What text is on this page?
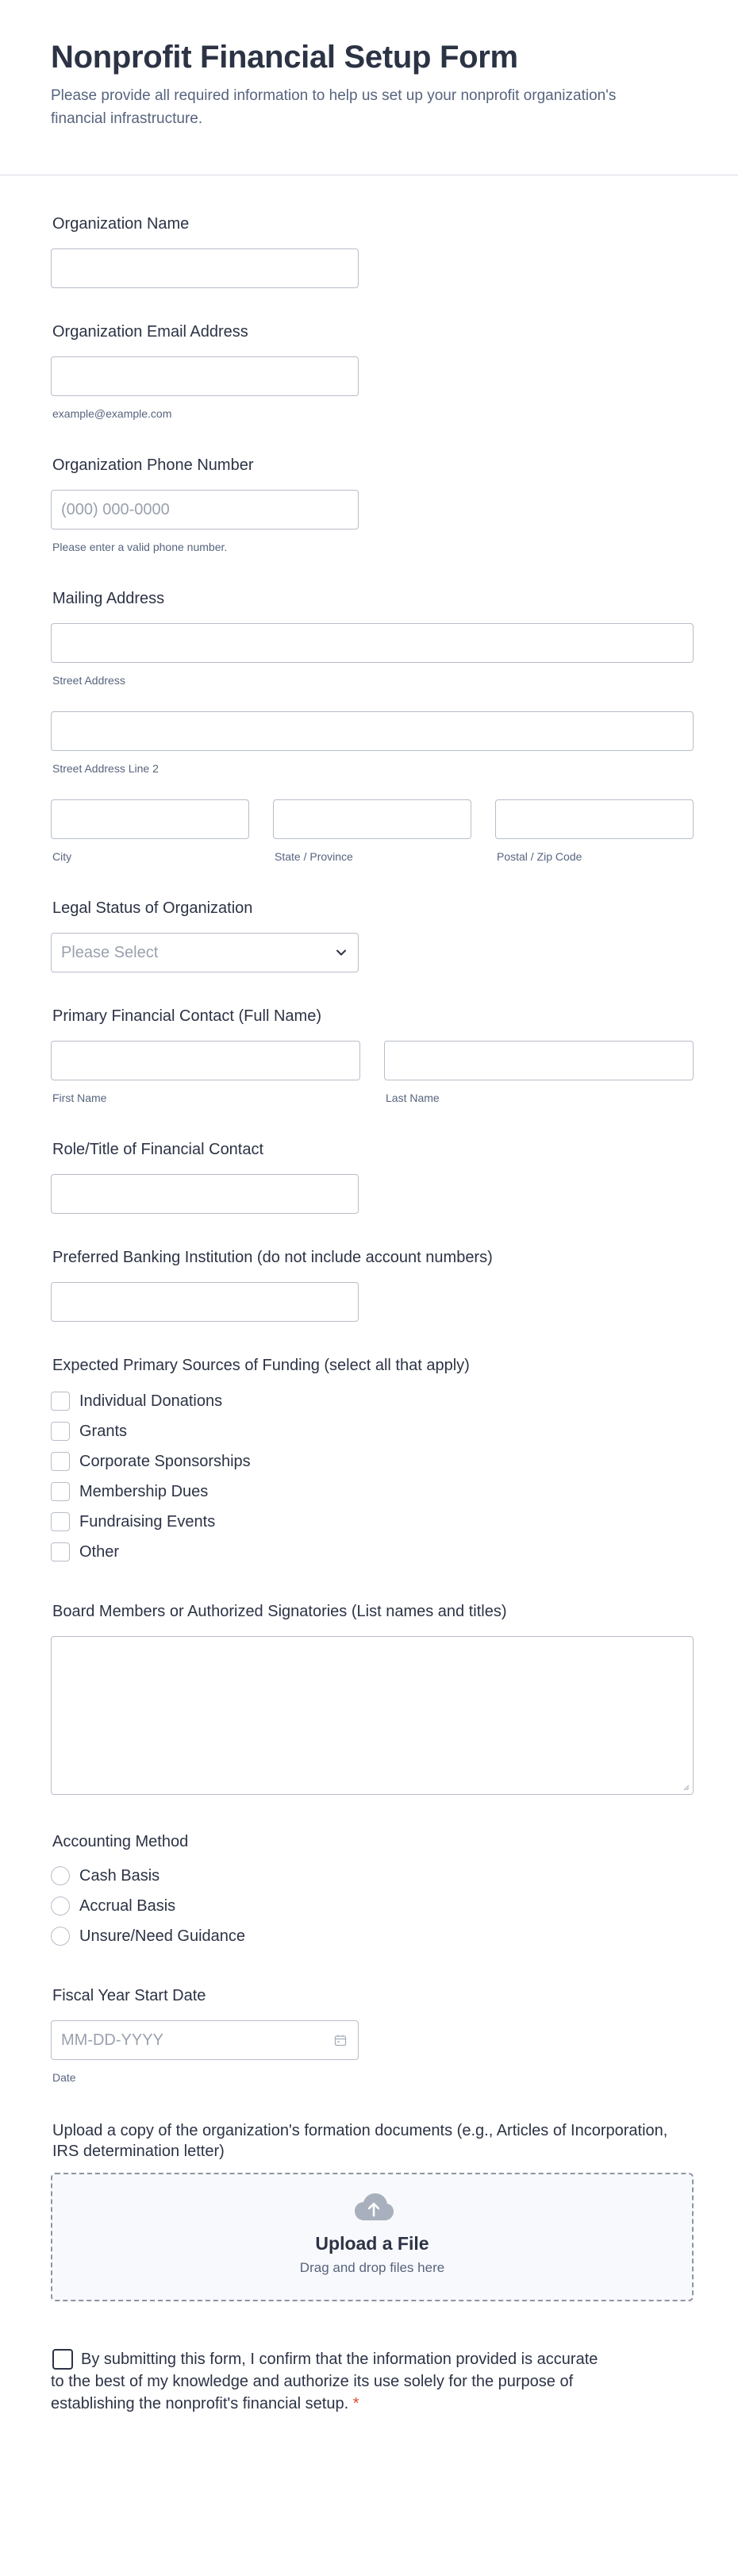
Nonprofit Financial Setup Form

Please provide all required information to help us set up your nonprofit organization's financial infrastructure.

Organization Name
Organization Email Address
example@example.com
Organization Phone Number
(000) 000-0000
Please enter a valid phone number.
Mailing Address
Street Address
Street Address Line 2
City	State / Province	Postal / Zip Code
Legal Status of Organization
Please Select
Primary Financial Contact (Full Name)
First Name	Last Name
Role/Title of Financial Contact
Preferred Banking Institution (do not include account numbers)
Expected Primary Sources of Funding (select all that apply)
Individual Donations
Grants
Corporate Sponsorships
Membership Dues
Fundraising Events
Other
Board Members or Authorized Signatories (List names and titles)
Accounting Method
Cash Basis
Accrual Basis
Unsure/Need Guidance
Fiscal Year Start Date
MM-DD-YYYY
Date
Upload a copy of the organization's formation documents (e.g., Articles of Incorporation, IRS determination letter)
Upload a File
Drag and drop files here
By submitting this form, I confirm that the information provided is accurate to the best of my knowledge and authorize its use solely for the purpose of establishing the nonprofit's financial setup. *
